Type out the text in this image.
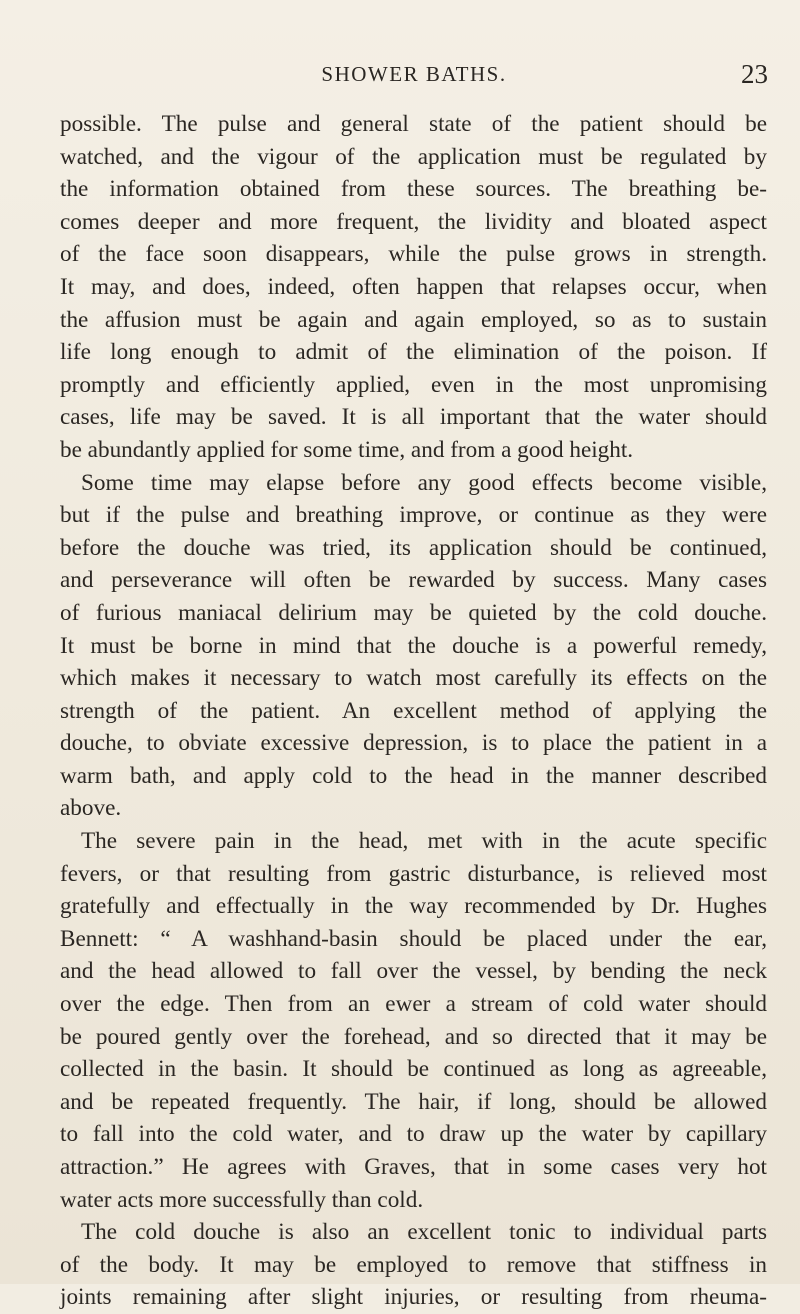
SHOWER BATHS.	23
possible. The pulse and general state of the patient should be
watched, and the vigour of the application must be regulated by
the information obtained from these sources. The breathing be-
comes deeper and more frequent, the lividity and bloated aspect
of the face soon disappears, while the pulse grows in strength.
It may, and does, indeed, often happen that relapses occur, when
the affusion must be again and again employed, so as to sustain
life long enough to admit of the elimination of the poison. If
promptly and efficiently applied, even in the most unpromising
cases, life may be saved. It is all important that the water should
be abundantly applied for some time, and from a good height.
Some time may elapse before any good effects become visible,
but if the pulse and breathing improve, or continue as they were
before the douche was tried, its application should be continued,
and perseverance will often be rewarded by success. Many cases
of furious maniacal delirium may be quieted by the cold douche.
It must be borne in mind that the douche is a powerful remedy,
which makes it necessary to watch most carefully its effects on the
strength of the patient. An excellent method of applying the
douche, to obviate excessive depression, is to place the patient in a
warm bath, and apply cold to the head in the manner described
above.
The severe pain in the head, met with in the acute specific
fevers, or that resulting from gastric disturbance, is relieved most
gratefully and effectually in the way recommended by Dr. Hughes
Bennett: “ A washhand-basin should be placed under the ear,
and the head allowed to fall over the vessel, by bending the neck
over the edge. Then from an ewer a stream of cold water should
be poured gently over the forehead, and so directed that it may be
collected in the basin. It should be continued as long as agreeable,
and be repeated frequently. The hair, if long, should be allowed
to fall into the cold water, and to draw up the water by capillary
attraction.” He agrees with Graves, that in some cases very hot
water acts more successfully than cold.
The cold douche is also an excellent tonic to individual parts
of the body. It may be employed to remove that stiffness in
joints remaining after slight injuries, or resulting from rheuma-
